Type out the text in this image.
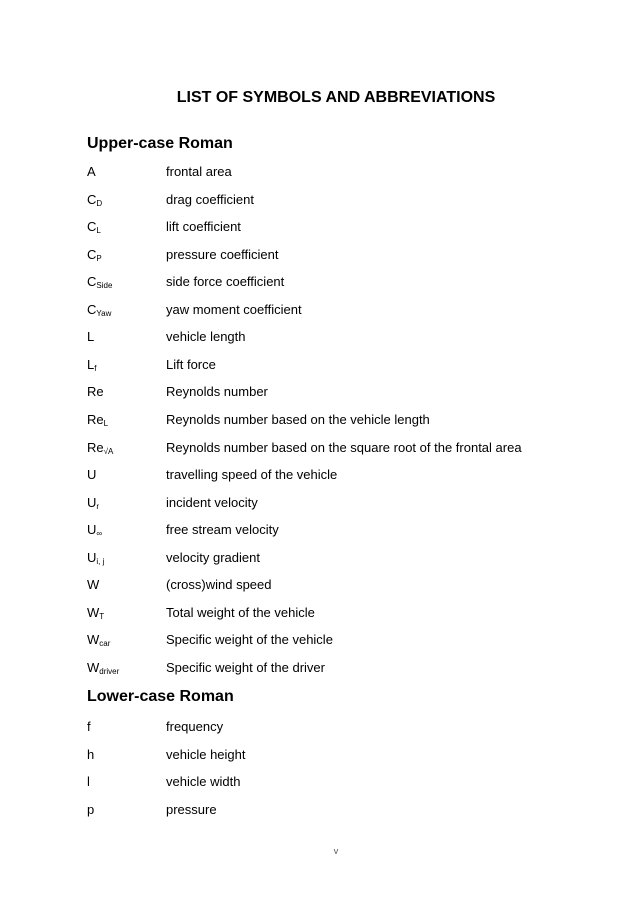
LIST OF SYMBOLS AND ABBREVIATIONS
Upper-case Roman
A	frontal area
$C_D$	drag coefficient
$C_L$	lift coefficient
$C_P$	pressure coefficient
$C_{Side}$	side force coefficient
$C_{Yaw}$	yaw moment coefficient
L	vehicle length
$L_f$	Lift force
Re	Reynolds number
$Re_L$	Reynolds number based on the vehicle length
$Re_{√A}$	Reynolds number based on the square root of the frontal area
U	travelling speed of the vehicle
$U_r$	incident velocity
$U_\infty$	free stream velocity
$U_{i, j}$	velocity gradient
W	(cross)wind speed
$W_T$	Total weight of the vehicle
$W_{car}$	Specific weight of the vehicle
$W_{driver}$	Specific weight of the driver
Lower-case Roman
f	frequency
h	vehicle height
l	vehicle width
p	pressure
v
